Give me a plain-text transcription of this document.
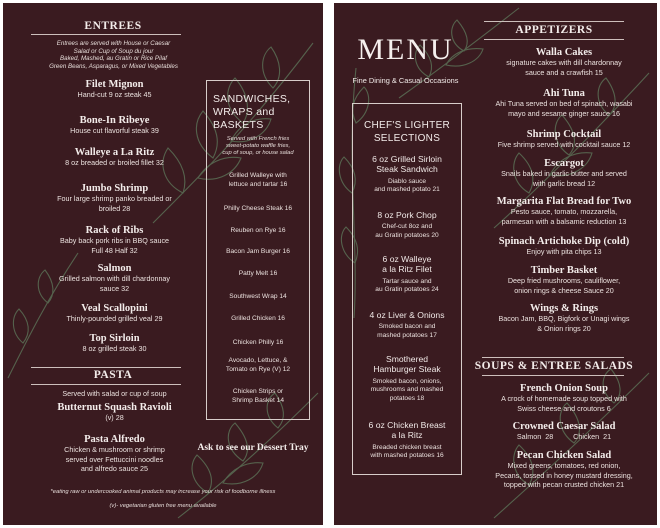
ENTREES
Entrees are served with House or Caesar
Salad or Cup of Soup du jour
Baked, Mashed, au Gratin or Rice Pilaf
Green Beans, Asparagus, or Mixed Vegetables
Filet Mignon
Hand-cut 9 oz steak 45
Bone-In Ribeye
House cut flavorful steak 39
Walleye a La Ritz
8 oz breaded or broiled fillet 32
Jumbo Shrimp
Four large shrimp panko breaded or
broiled 28
Rack of Ribs
Baby back pork ribs in BBQ sauce
Full 48 Half 32
Salmon
Grilled salmon with dill chardonnay
sauce 32
Veal Scallopini
Thinly-pounded grilled veal 29
Top Sirloin
8 oz grilled steak 30
PASTA
Served with salad or cup of soup
Butternut Squash Ravioli
(v) 28
Pasta Alfredo
Chicken & mushroom or shrimp
served over Fettuccini noodles
and alfredo sauce 25
SANDWICHES,
WRAPS and
BASKETS
Served with French fries
sweet-potato waffle fries,
cup of soup, or house salad
Grilled Walleye with
lettuce and tartar 16
Philly Cheese Steak 16
Reuben on Rye 16
Bacon Jam Burger 16
Patty Melt 16
Southwest Wrap 14
Grilled Chicken 16
Chicken Philly 16
Avocado, Lettuce, &
Tomato on Rye (V) 12
Chicken Strips or
Shrimp Basket 14
Ask to see our Dessert Tray
*eating raw or undercooked animal products may increase your risk of foodborne illness
(v)- vegetarian gluten free menu available
MENU
Fine Dining & Casual Occasions
CHEF'S LIGHTER
SELECTIONS
6 oz Grilled Sirloin
Steak Sandwich
Diablo sauce
and mashed potato 21
8 oz Pork Chop
Chef-cut 8oz and
au Gratin potatoes 20
6 oz Walleye
a la Ritz Filet
Tartar sauce and
au Gratin potatoes 24
4 oz Liver & Onions
Smoked bacon and
mashed potatoes 17
Smothered
Hamburger Steak
Smoked bacon, onions,
mushrooms and mashed
potatoes 18
6 oz Chicken Breast
a la Ritz
Breaded chicken breast
with mashed potatoes 16
APPETIZERS
Walla Cakes
signature cakes with dill chardonnay
sauce and a crawfish 15
Ahi Tuna
Ahi Tuna served on bed of spinach, wasabi
mayo and sesame ginger sauce 16
Shrimp Cocktail
Five shrimp served with cocktail sauce 12
Escargot
Snails baked in garlic butter and served
with garlic bread 12
Margarita Flat Bread for Two
Pesto sauce, tomato, mozzarella,
parmesan with a balsamic reduction 13
Spinach Artichoke Dip (cold)
Enjoy with pita chips 13
Timber Basket
Deep fried mushrooms, cauliflower,
onion rings & cheese Sauce 20
Wings & Rings
Bacon Jam, BBQ, Bigfork or Unagi wings
& Onion rings 20
SOUPS & ENTREE SALADS
French Onion Soup
A crock of homemade soup topped with
Swiss cheese and croutons 6
Crowned Caesar Salad
Salmon  28          Chicken  21
Pecan Chicken Salad
Mixed greens, tomatoes, red onion,
Pecans, tossed in honey mustard dressing,
topped with pecan crusted chicken 21
